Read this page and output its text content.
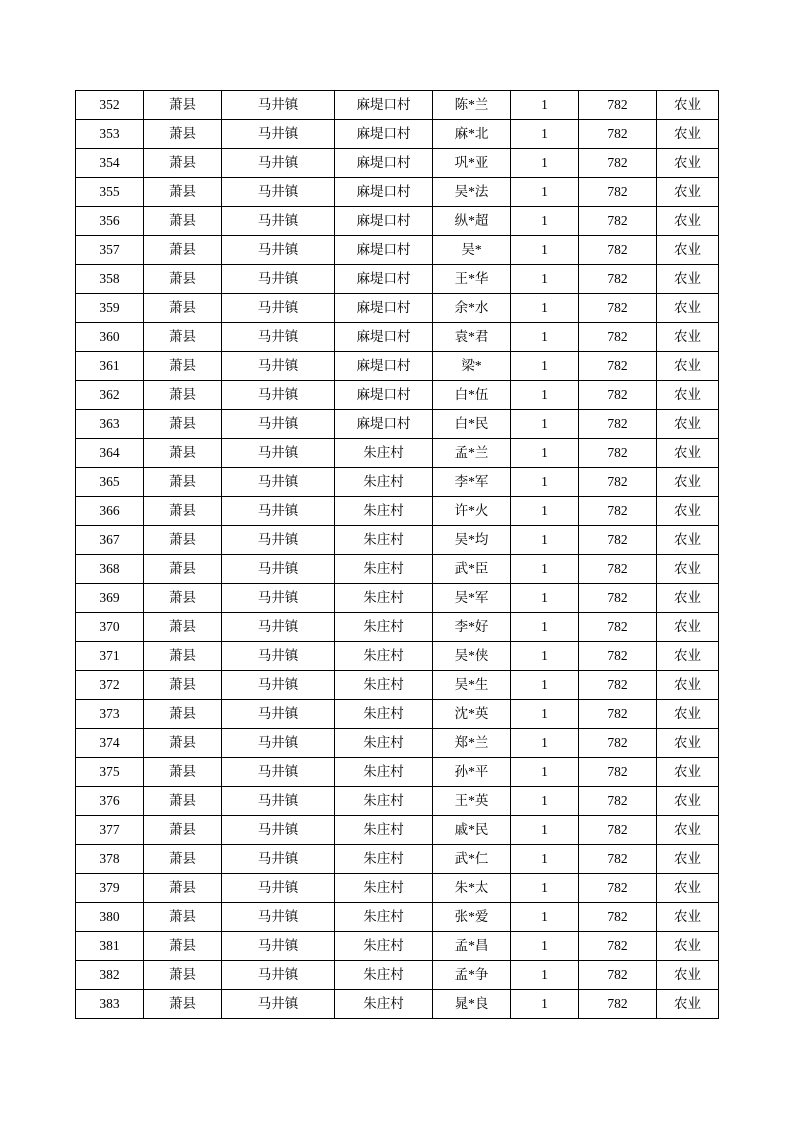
352	萧县	马井镇	麻堤口村	陈*兰	1	782	农业
353	萧县	马井镇	麻堤口村	麻*北	1	782	农业
354	萧县	马井镇	麻堤口村	巩*亚	1	782	农业
355	萧县	马井镇	麻堤口村	吴*法	1	782	农业
356	萧县	马井镇	麻堤口村	纵*超	1	782	农业
357	萧县	马井镇	麻堤口村	吴*	1	782	农业
358	萧县	马井镇	麻堤口村	王*华	1	782	农业
359	萧县	马井镇	麻堤口村	余*水	1	782	农业
360	萧县	马井镇	麻堤口村	袁*君	1	782	农业
361	萧县	马井镇	麻堤口村	梁*	1	782	农业
362	萧县	马井镇	麻堤口村	白*伍	1	782	农业
363	萧县	马井镇	麻堤口村	白*民	1	782	农业
364	萧县	马井镇	朱庄村	孟*兰	1	782	农业
365	萧县	马井镇	朱庄村	李*军	1	782	农业
366	萧县	马井镇	朱庄村	许*火	1	782	农业
367	萧县	马井镇	朱庄村	吴*均	1	782	农业
368	萧县	马井镇	朱庄村	武*臣	1	782	农业
369	萧县	马井镇	朱庄村	吴*军	1	782	农业
370	萧县	马井镇	朱庄村	李*好	1	782	农业
371	萧县	马井镇	朱庄村	吴*侠	1	782	农业
372	萧县	马井镇	朱庄村	吴*生	1	782	农业
373	萧县	马井镇	朱庄村	沈*英	1	782	农业
374	萧县	马井镇	朱庄村	郑*兰	1	782	农业
375	萧县	马井镇	朱庄村	孙*平	1	782	农业
376	萧县	马井镇	朱庄村	王*英	1	782	农业
377	萧县	马井镇	朱庄村	戚*民	1	782	农业
378	萧县	马井镇	朱庄村	武*仁	1	782	农业
379	萧县	马井镇	朱庄村	朱*太	1	782	农业
380	萧县	马井镇	朱庄村	张*爱	1	782	农业
381	萧县	马井镇	朱庄村	孟*昌	1	782	农业
382	萧县	马井镇	朱庄村	孟*争	1	782	农业
383	萧县	马井镇	朱庄村	晁*良	1	782	农业
